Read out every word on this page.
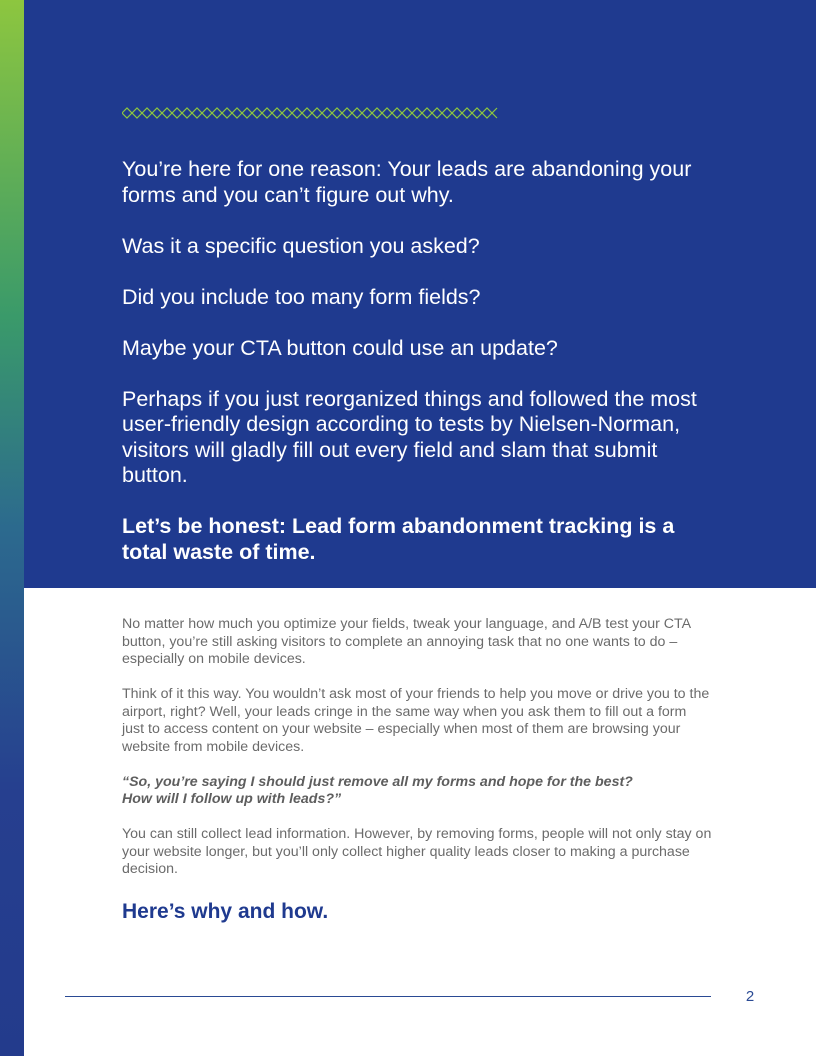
You’re here for one reason: Your leads are abandoning your forms and you can’t figure out why.

Was it a specific question you asked?

Did you include too many form fields?

Maybe your CTA button could use an update?

Perhaps if you just reorganized things and followed the most user-friendly design according to tests by Nielsen-Norman, visitors will gladly fill out every field and slam that submit button.

Let’s be honest: Lead form abandonment tracking is a total waste of time.

No matter how much you optimize your fields, tweak your language, and A/B test your CTA button, you’re still asking visitors to complete an annoying task that no one wants to do – especially on mobile devices.

Think of it this way. You wouldn’t ask most of your friends to help you move or drive you to the airport, right? Well, your leads cringe in the same way when you ask them to fill out a form just to access content on your website – especially when most of them are browsing your website from mobile devices.

“So, you’re saying I should just remove all my forms and hope for the best?
How will I follow up with leads?”

You can still collect lead information. However, by removing forms, people will not only stay on your website longer, but you’ll only collect higher quality leads closer to making a purchase decision.

Here’s why and how.
2
